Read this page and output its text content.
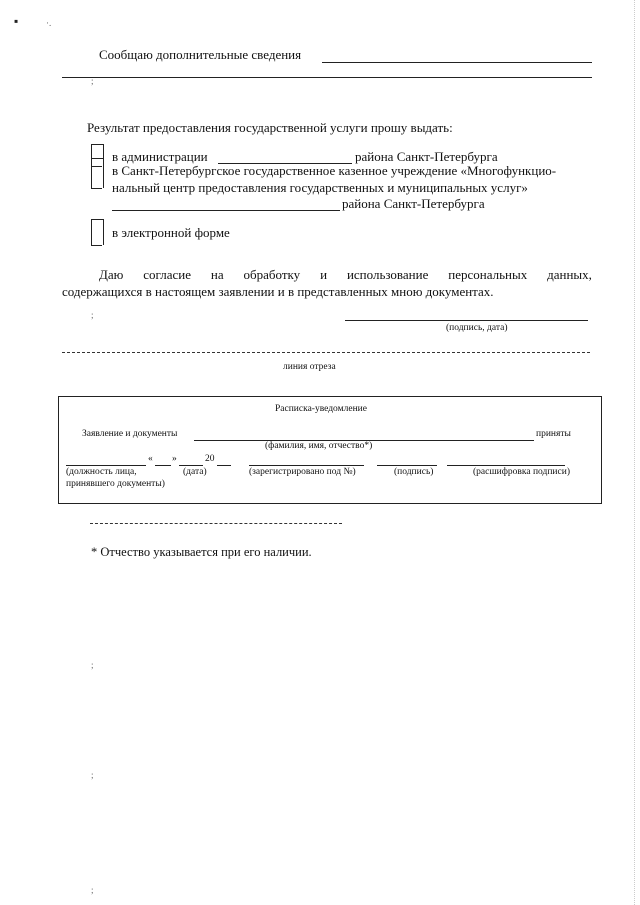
▪	·.
;
;
;
;
;
Сообщаю дополнительные сведения
Результат предоставления государственной услуги прошу выдать:
в администрации	района Санкт-Петербурга
в Санкт-Петербургское государственное казенное учреждение «Многофункцио-
нальный центр предоставления государственных и муниципальных услуг»
района Санкт-Петербурга
в электронной форме
Даю согласие на обработку и использование персональных данных,
содержащихся в настоящем заявлении и в представленных мною документах.
(подпись, дата)
линия отреза
Расписка-уведомление
Заявление и документы	приняты
(фамилия, имя, отчество*)
« »	20
(должность лица,
принявшего документы)
(дата)	(зарегистрировано под №)	(подпись)	(расшифровка подписи)
* Отчество указывается при его наличии.
